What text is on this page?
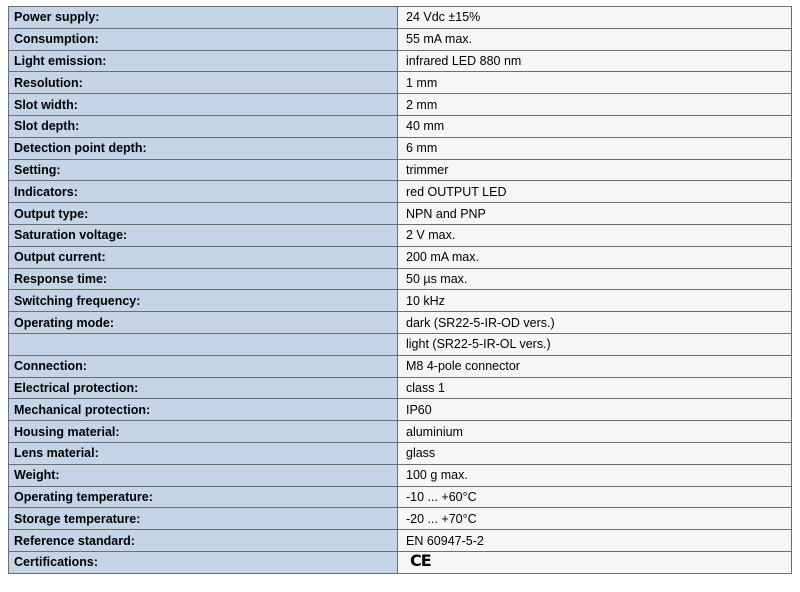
Power supply:	24 Vdc ±15%
Consumption:	55 mA max.
Light emission:	infrared LED 880 nm
Resolution:	1 mm
Slot width:	2 mm
Slot depth:	40 mm
Detection point depth:	6 mm
Setting:	trimmer
Indicators:	red OUTPUT LED
Output type:	NPN and PNP
Saturation voltage:	2 V max.
Output current:	200 mA max.
Response time:	50 µs max.
Switching frequency:	10 kHz
Operating mode:	dark (SR22-5-IR-OD vers.)
	light (SR22-5-IR-OL vers.)
Connection:	M8 4-pole connector
Electrical protection:	class 1
Mechanical protection:	IP60
Housing material:	aluminium
Lens material:	glass
Weight:	100 g max.
Operating temperature:	-10 ... +60°C
Storage temperature:	-20 ... +70°C
Reference standard:	EN 60947-5-2
Certifications:	CE
